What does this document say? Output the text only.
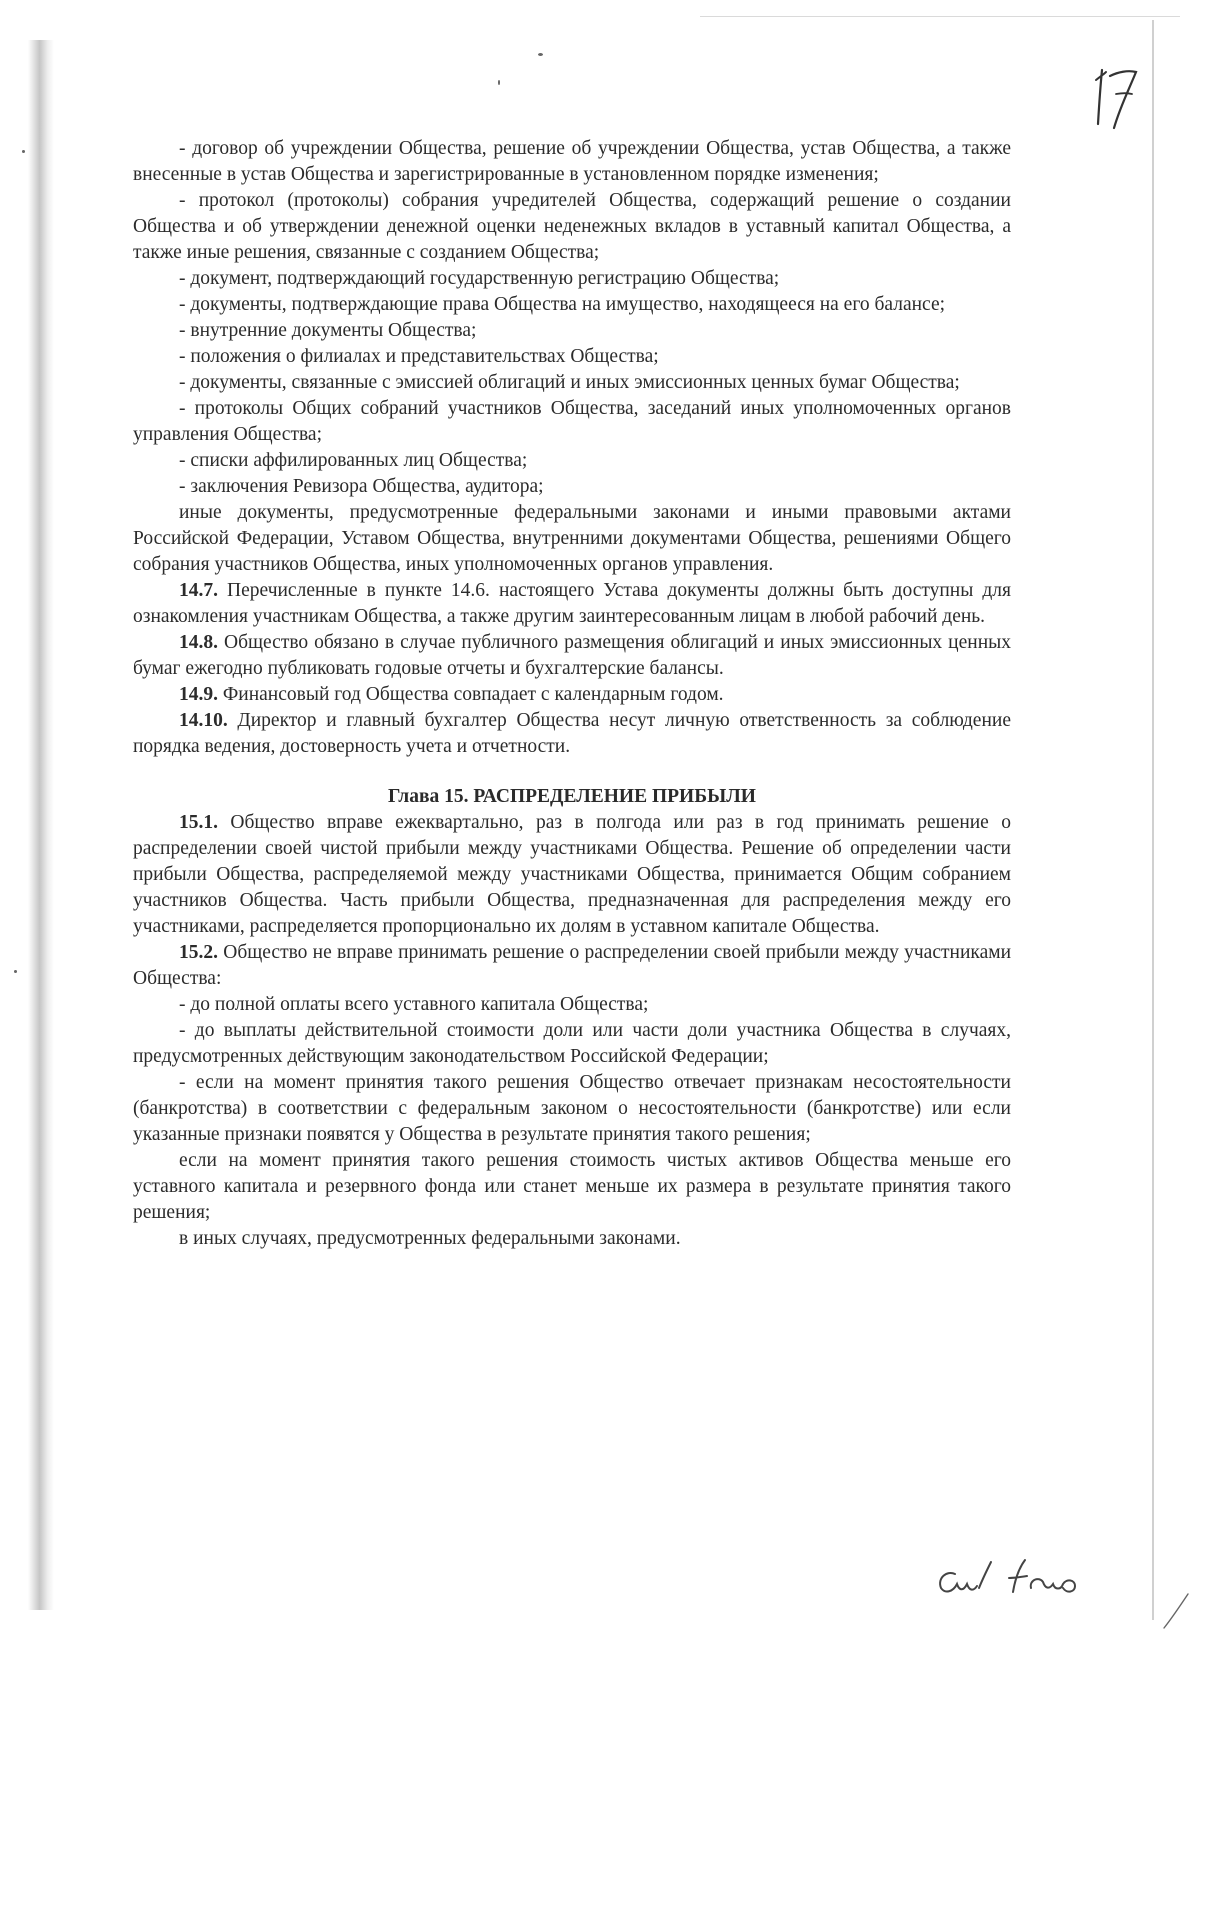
- договор об учреждении Общества, решение об учреждении Общества, устав Общества, а также внесенные в устав Общества и зарегистрированные в установленном порядке изменения;

- протокол (протоколы) собрания учредителей Общества, содержащий решение о создании Общества и об утверждении денежной оценки неденежных вкладов в уставный капитал Общества, а также иные решения, связанные с созданием Общества;

- документ, подтверждающий государственную регистрацию Общества;

- документы, подтверждающие права Общества на имущество, находящееся на его балансе;

- внутренние документы Общества;

- положения о филиалах и представительствах Общества;

- документы, связанные с эмиссией облигаций и иных эмиссионных ценных бумаг Общества;

- протоколы Общих собраний участников Общества, заседаний иных уполномоченных органов управления Общества;

- списки аффилированных лиц Общества;

- заключения Ревизора Общества, аудитора;

иные документы, предусмотренные федеральными законами и иными правовыми актами Российской Федерации, Уставом Общества, внутренними документами Общества, решениями Общего собрания участников Общества, иных уполномоченных органов управления.

14.7. Перечисленные в пункте 14.6. настоящего Устава документы должны быть доступны для ознакомления участникам Общества, а также другим заинтересованным лицам в любой рабочий день.

14.8. Общество обязано в случае публичного размещения облигаций и иных эмиссионных ценных бумаг ежегодно публиковать годовые отчеты и бухгалтерские балансы.

14.9. Финансовый год Общества совпадает с календарным годом.

14.10. Директор и главный бухгалтер Общества несут личную ответственность за соблюдение порядка ведения, достоверность учета и отчетности.

Глава 15. РАСПРЕДЕЛЕНИЕ ПРИБЫЛИ

15.1. Общество вправе ежеквартально, раз в полгода или раз в год принимать решение о распределении своей чистой прибыли между участниками Общества. Решение об определении части прибыли Общества, распределяемой между участниками Общества, принимается Общим собранием участников Общества. Часть прибыли Общества, предназначенная для распределения между его участниками, распределяется пропорционально их долям в уставном капитале Общества.

15.2. Общество не вправе принимать решение о распределении своей прибыли между участниками Общества:

- до полной оплаты всего уставного капитала Общества;

- до выплаты действительной стоимости доли или части доли участника Общества в случаях, предусмотренных действующим законодательством Российской Федерации;

- если на момент принятия такого решения Общество отвечает признакам несостоятельности (банкротства) в соответствии с федеральным законом о несостоятельности (банкротстве) или если указанные признаки появятся у Общества в результате принятия такого решения;

если на момент принятия такого решения стоимость чистых активов Общества меньше его уставного капитала и резервного фонда или станет меньше их размера в результате принятия такого решения;

в иных случаях, предусмотренных федеральными законами.
